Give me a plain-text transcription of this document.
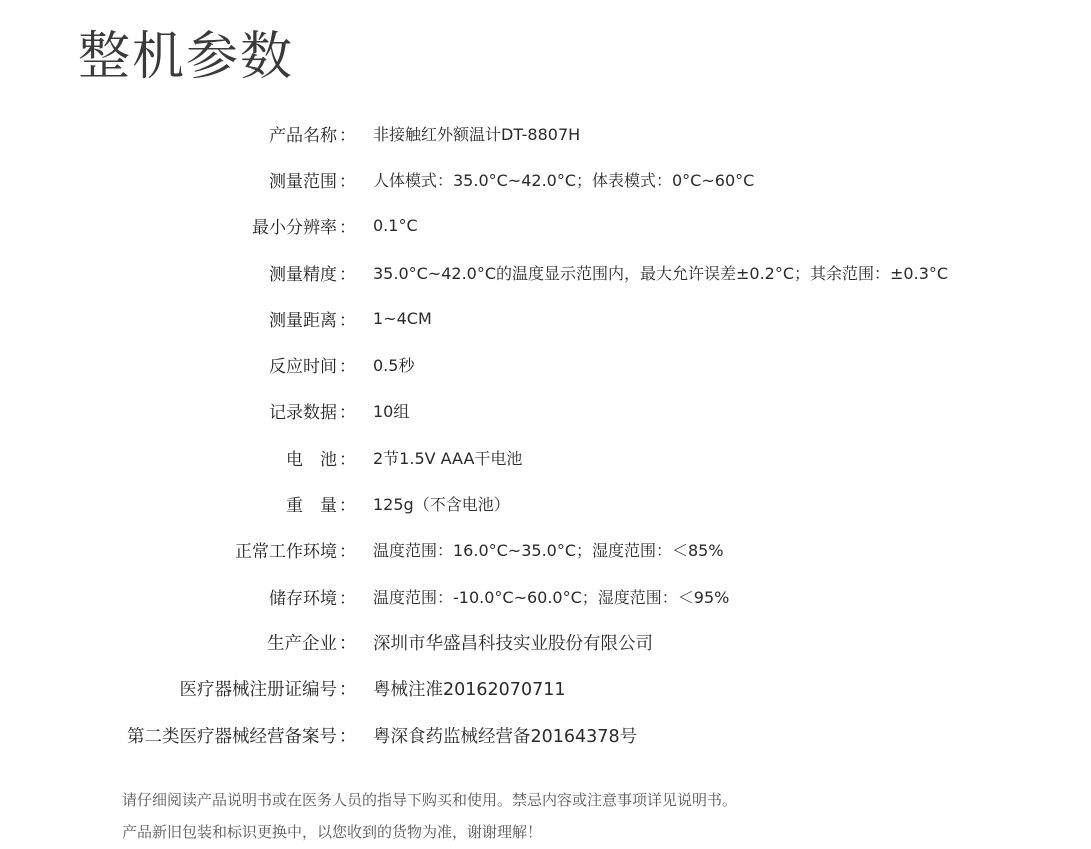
整机参数
产品名称 ：	非接触红外额温计DT-8807H
测量范围 ：	人体模式：35.0°C~42.0°C；体表模式：0°C~60°C
最小分辨率 ：	0.1°C
测量精度 ：	35.0°C~42.0°C的温度显示范围内，最大允许误差±0.2°C；其余范围：±0.3°C
测量距离 ：	1~4CM
反应时间 ：	0.5秒
记录数据 ：	10组
电　池 ：	2节1.5V AAA干电池
重　量 ：	125g（不含电池）
正常工作环境 ：	温度范围：16.0°C~35.0°C；湿度范围：＜85%
储存环境 ：	温度范围：-10.0°C~60.0°C；湿度范围：＜95%
生产企业 ： 深圳市华盛昌科技实业股份有限公司
医疗器械注册证编号 ： 粤械注准20162070711
第二类医疗器械经营备案号 ： 粤深食药监械经营备20164378号
请仔细阅读产品说明书或在医务人员的指导下购买和使用。禁忌内容或注意事项详见说明书。
产品新旧包装和标识更换中，以您收到的货物为准，谢谢理解！
